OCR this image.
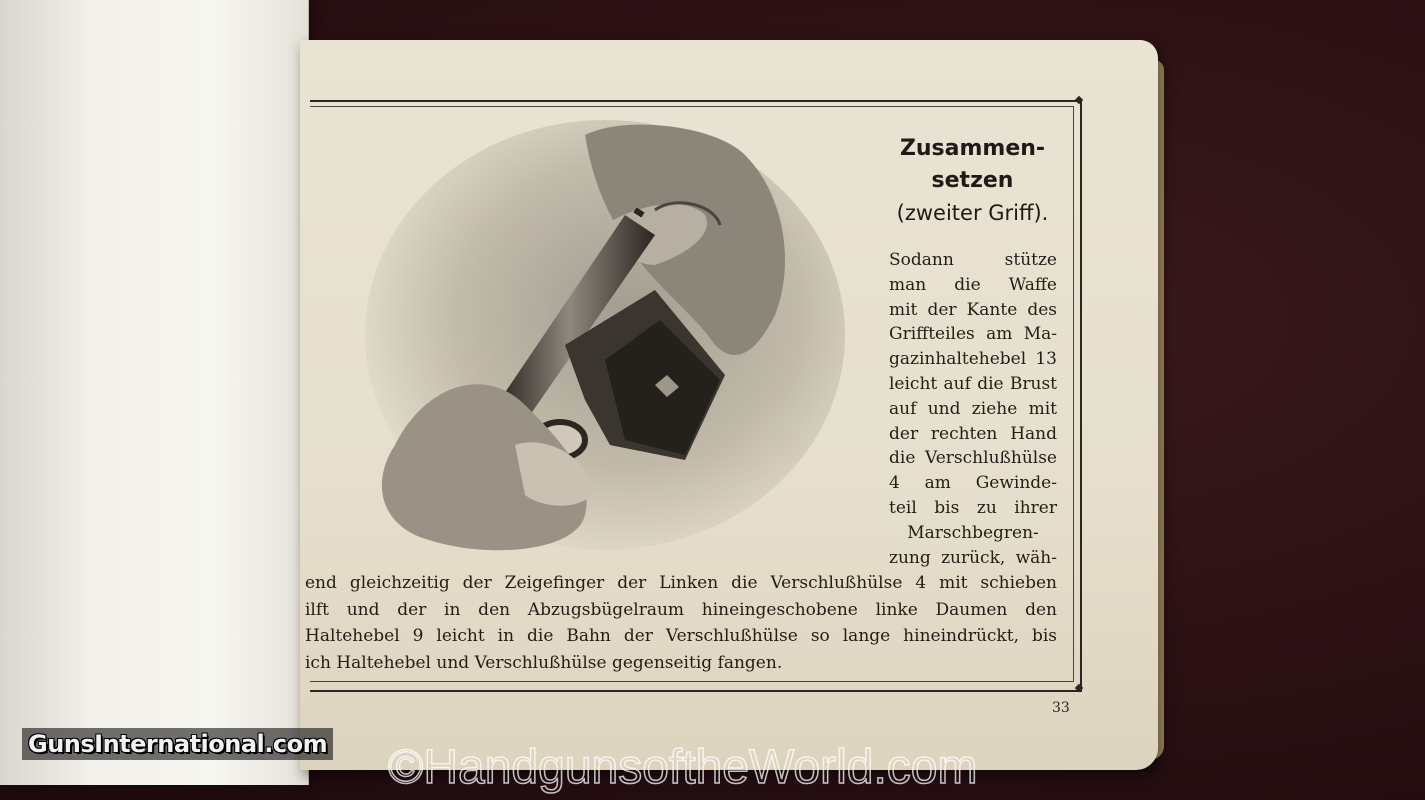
Zusammen-
setzen
(zweiter Griff).
Sodann stütze
man die Waffe
mit der Kante des
Griffteiles am Ma-
gazinhaltehebel 13
leicht auf die Brust
auf und ziehe mit
der rechten Hand
die Verschlußhülse
4 am Gewinde-
teil bis zu ihrer
Marschbegren-
zung zurück, wäh-
end gleichzeitig der Zeigefinger der Linken die Verschlußhülse 4 mit schieben
ilft und der in den Abzugsbügelraum hineingeschobene linke Daumen den
Haltehebel 9 leicht in die Bahn der Verschlußhülse so lange hineindrückt, bis
ich Haltehebel und Verschlußhülse gegenseitig fangen.
33
GunsInternational.com ©HandgunsoftheWorld.com
